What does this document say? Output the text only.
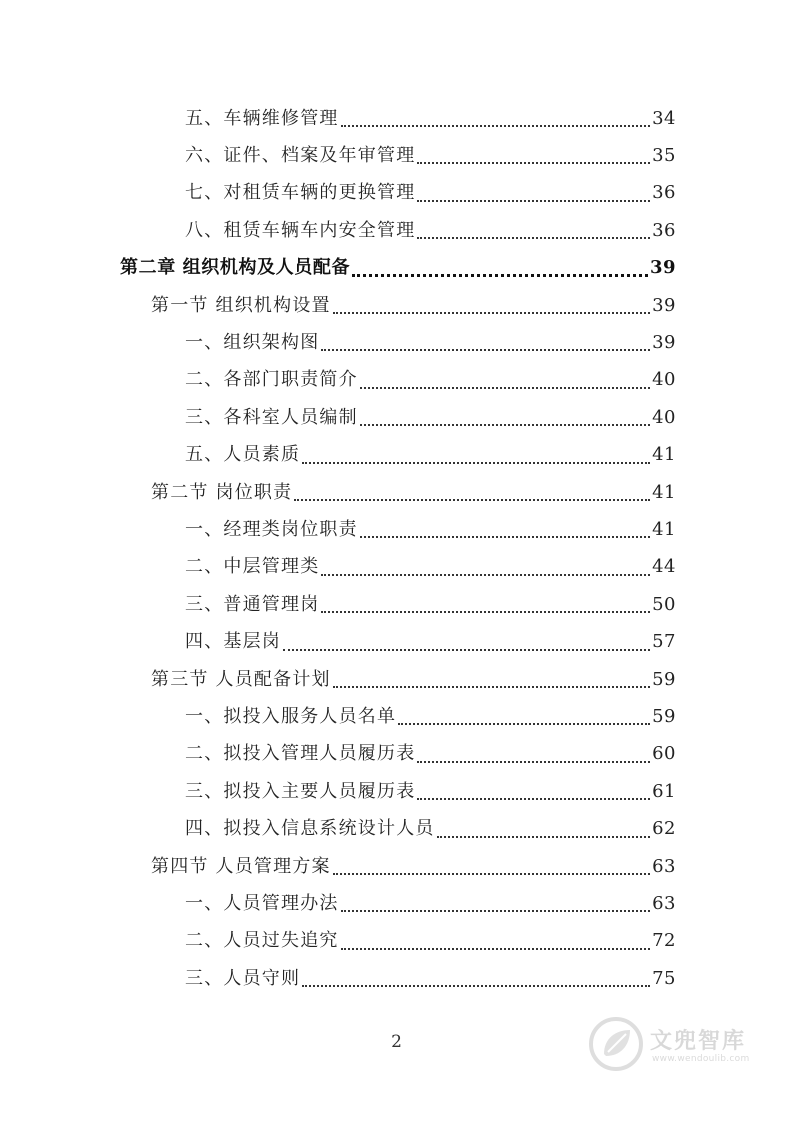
五、车辆维修管理	34
六、证件、档案及年审管理	35
七、对租赁车辆的更换管理	36
八、租赁车辆车内安全管理	36
第二章 组织机构及人员配备	39
第一节 组织机构设置	39
一、组织架构图	39
二、各部门职责简介	40
三、各科室人员编制	40
五、人员素质	41
第二节 岗位职责	41
一、经理类岗位职责	41
二、中层管理类	44
三、普通管理岗	50
四、基层岗	57
第三节 人员配备计划	59
一、拟投入服务人员名单	59
二、拟投入管理人员履历表	60
三、拟投入主要人员履历表	61
四、拟投入信息系统设计人员	62
第四节 人员管理方案	63
一、人员管理办法	63
二、人员过失追究	72
三、人员守则	75
2	文兜智库
www.wendoulib.com
